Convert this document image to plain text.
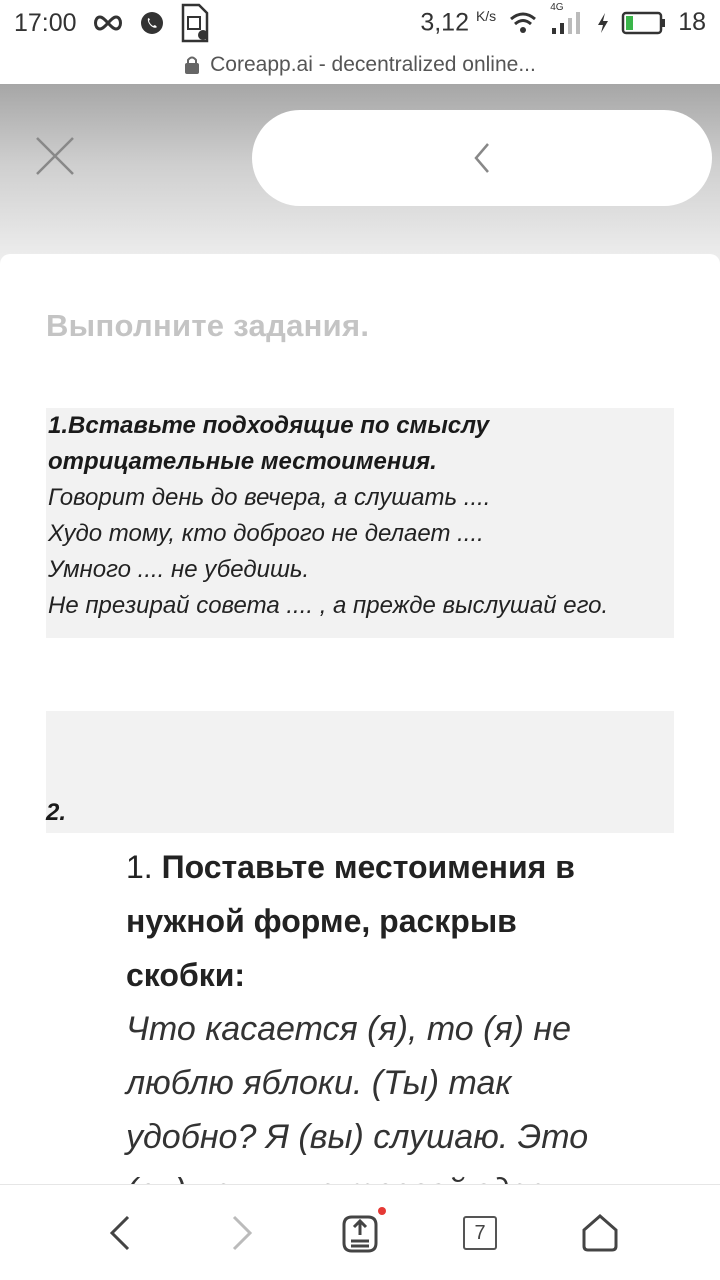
17:00	3,12 $^{K/s}$
4G
18
Coreapp.ai - decentralized online...
Выполните задания.
1.Вставьте подходящие по смыслу
отрицательные местоимения.
Говорит день до вечера, а слушать ....
Худо тому, кто доброго не делает ....
Умного .... не убедишь.
Не презирай совета .... , а прежде выслушай его.
2.
1. Поставьте местоимения в
нужной форме, раскрыв
скобки:
Что касается (я), то (я) не
люблю яблоки. (Ты) так
удобно? Я (вы) слушаю. Это
7
